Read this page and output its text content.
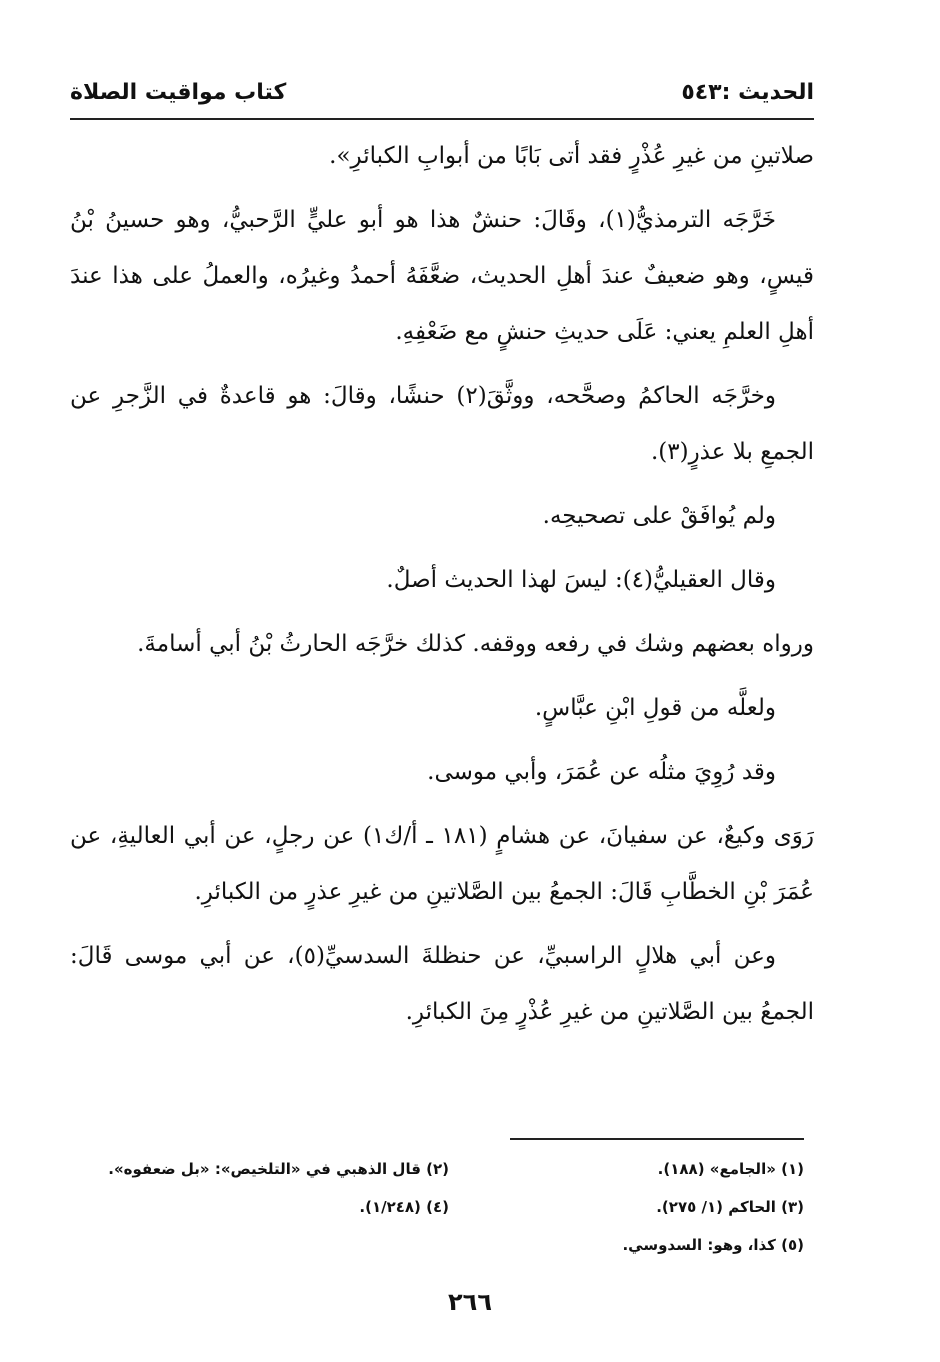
الحديث :٥٤٣
كتاب مواقيت الصلاة

صلاتينِ من غيرِ عُذْرٍ فقد أتى بَابًا من أبوابِ الكبائرِ».

خَرَّجَه الترمذيُّ(١)، وقَالَ: حنشٌ هذا هو أبو عليٍّ الرَّحبيُّ، وهو حسينُ بْنُ قيسٍ، وهو ضعيفٌ عندَ أهلِ الحديث، ضعَّفَهُ أحمدُ وغيرُه، والعملُ على هذا عندَ أهلِ العلمِ يعني: عَلَى حديثِ حنشٍ مع ضَعْفِهِ.

وخرَّجَه الحاكمُ وصحَّحه، ووثَّقَ(٢) حنشًا، وقالَ: هو قاعدةٌ في الزَّجرِ عن الجمعِ بلا عذرٍ(٣).

ولم يُوافَقْ على تصحيحِه.

وقال العقيليُّ(٤): ليسَ لهذا الحديث أصلٌ.

ورواه بعضهم وشك في رفعه ووقفه. كذلك خرَّجَه الحارثُ بْنُ أبي أسامةَ.

ولعلَّه من قولِ ابْنِ عبَّاسٍ.

وقد رُوِيَ مثلُه عن عُمَرَ، وأبي موسى.

رَوَى وكيعٌ، عن سفيانَ، عن هشامٍ (١٨١ ـ أ/ك١) عن رجلٍ، عن أبي العاليةِ، عن عُمَرَ بْنِ الخطَّابِ قَالَ: الجمعُ بين الصَّلاتينِ من غيرِ عذرٍ من الكبائرِ.

وعن أبي هلالٍ الراسبيِّ، عن حنظلةَ السدسيِّ(٥)، عن أبي موسى قَالَ: الجمعُ بين الصَّلاتينِ من غيرِ عُذْرٍ مِنَ الكبائرِ.

(١) «الجامع» (١٨٨).
(٢) قال الذهبي في «التلخيص»: «بل ضعفوه».
(٣) الحاكم (١/ ٢٧٥).
(٤) (١/٢٤٨).
(٥) كذا، وهو: السدوسي.
٢٦٦
